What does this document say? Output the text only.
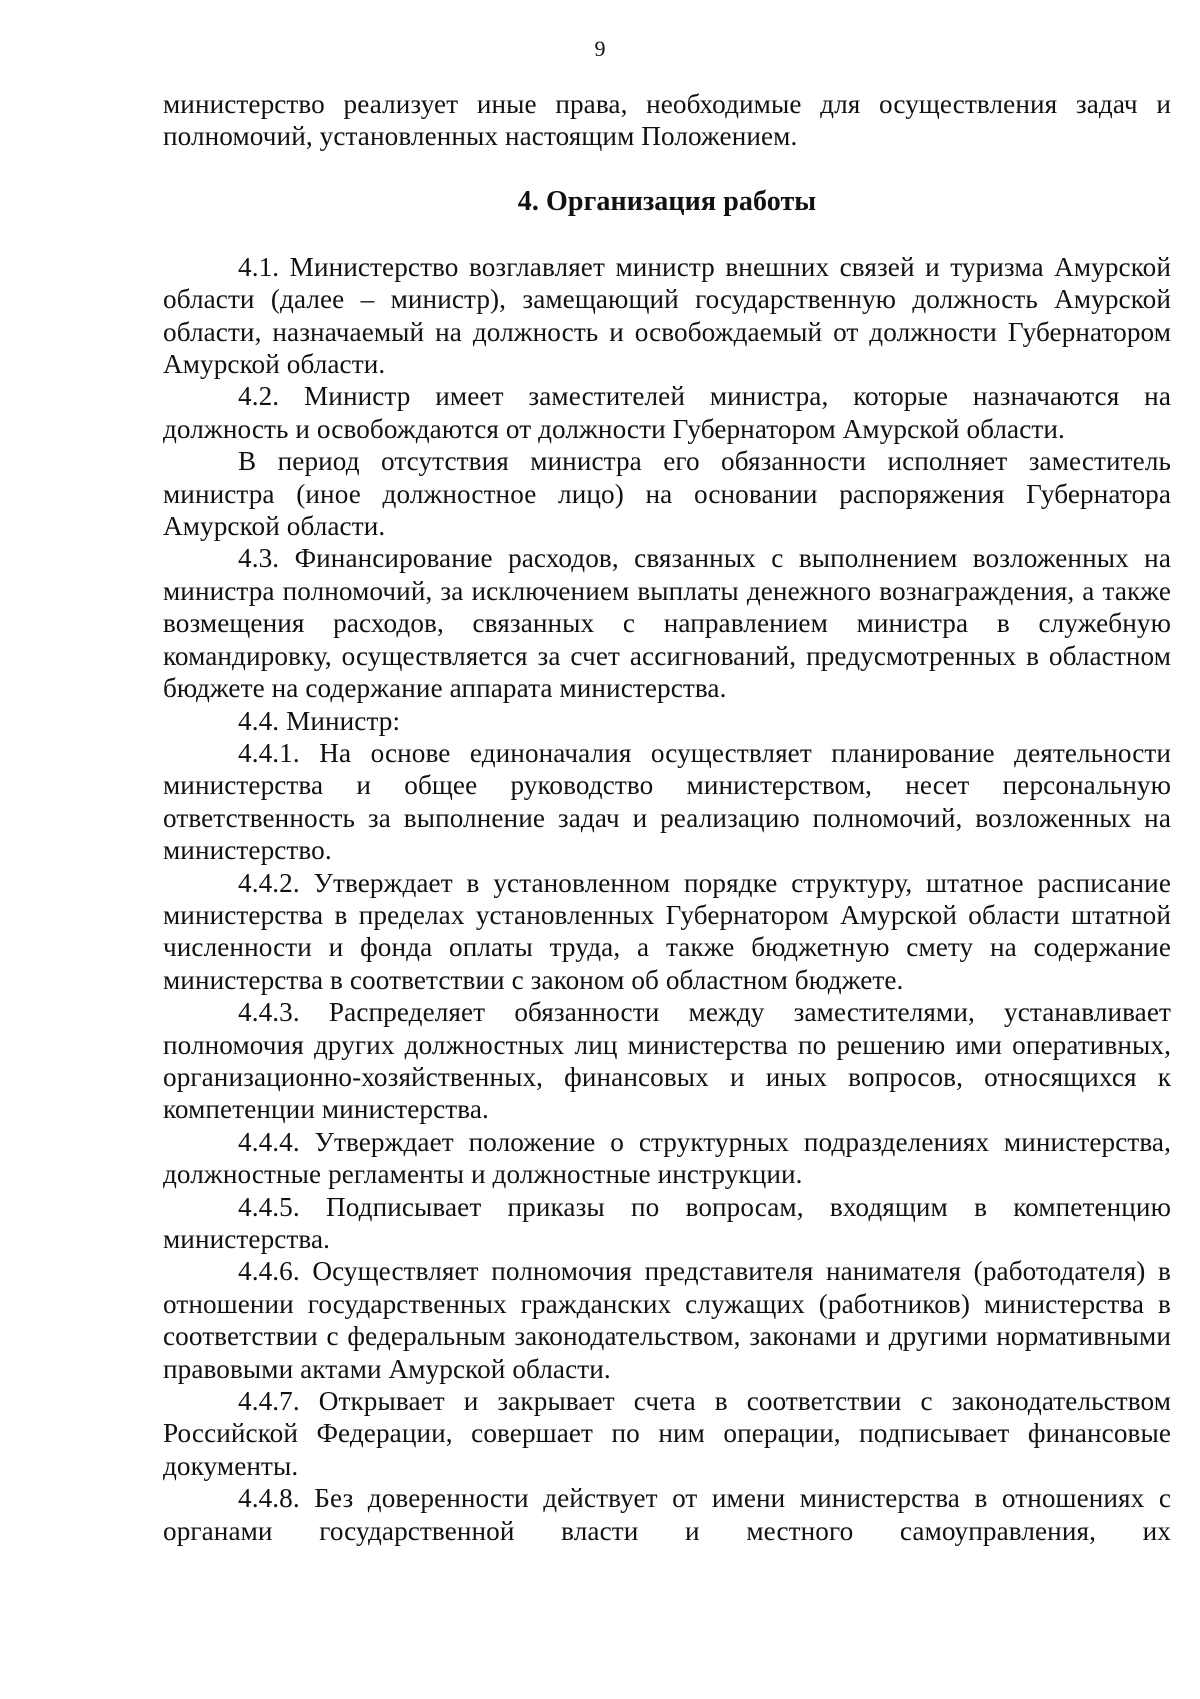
9

министерство реализует иные права, необходимые для осуществления задач и полномочий, установленных настоящим Положением.

4. Организация работы

4.1. Министерство возглавляет министр внешних связей и туризма Амурской области (далее – министр), замещающий государственную должность Амурской области, назначаемый на должность и освобождаемый от должности Губернатором Амурской области.

4.2. Министр имеет заместителей министра, которые назначаются на должность и освобождаются от должности Губернатором Амурской области.

В период отсутствия министра его обязанности исполняет заместитель министра (иное должностное лицо) на основании распоряжения Губернатора Амурской области.

4.3. Финансирование расходов, связанных с выполнением возложенных на министра полномочий, за исключением выплаты денежного вознаграждения, а также возмещения расходов, связанных с направлением министра в служебную командировку, осуществляется за счет ассигнований, предусмотренных в областном бюджете на содержание аппарата министерства.

4.4. Министр:

4.4.1. На основе единоначалия осуществляет планирование деятельности министерства и общее руководство министерством, несет персональную ответственность за выполнение задач и реализацию полномочий, возложенных на министерство.

4.4.2. Утверждает в установленном порядке структуру, штатное расписание министерства в пределах установленных Губернатором Амурской области штатной численности и фонда оплаты труда, а также бюджетную смету на содержание министерства в соответствии с законом об областном бюджете.

4.4.3. Распределяет обязанности между заместителями, устанавливает полномочия других должностных лиц министерства по решению ими оперативных, организационно-хозяйственных, финансовых и иных вопросов, относящихся к компетенции министерства.

4.4.4. Утверждает положение о структурных подразделениях министерства, должностные регламенты и должностные инструкции.

4.4.5. Подписывает приказы по вопросам, входящим в компетенцию министерства.

4.4.6. Осуществляет полномочия представителя нанимателя (работодателя) в отношении государственных гражданских служащих (работников) министерства в соответствии с федеральным законодательством, законами и другими нормативными правовыми актами Амурской области.

4.4.7. Открывает и закрывает счета в соответствии с законодательством Российской Федерации, совершает по ним операции, подписывает финансовые документы.

4.4.8. Без доверенности действует от имени министерства в отношениях с органами государственной власти и местного самоуправления, их
